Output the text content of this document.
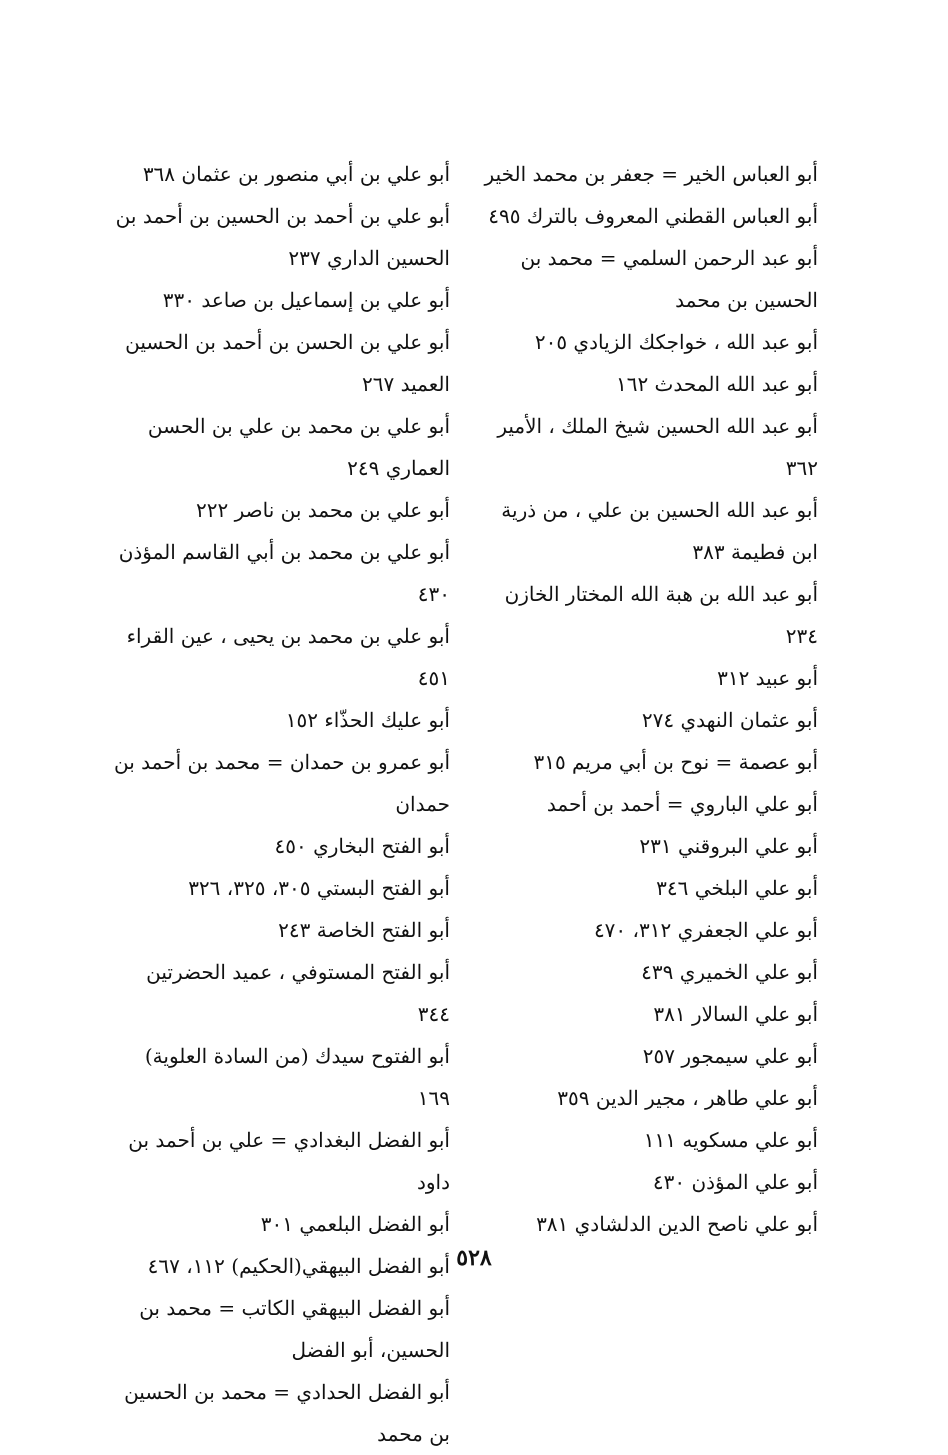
أبو العباس الخير = جعفر بن محمد الخير

أبو العباس القطني المعروف بالترك ٤٩٥

أبو عبد الرحمن السلمي = محمد بن الحسين بن محمد

أبو عبد الله ، خواجكك الزيادي ٢٠٥

أبو عبد الله المحدث ١٦٢

أبو عبد الله الحسين شيخ الملك ، الأمير ٣٦٢

أبو عبد الله الحسين بن علي ، من ذرية ابن فطيمة ٣٨٣

أبو عبد الله بن هبة الله المختار الخازن ٢٣٤

أبو عبيد ٣١٢

أبو عثمان النهدي ٢٧٤

أبو عصمة = نوح بن أبي مريم ٣١٥

أبو علي الباروي = أحمد بن أحمد

أبو علي البروقني ٢٣١

أبو علي البلخي ٣٤٦

أبو علي الجعفري ٣١٢، ٤٧٠

أبو علي الخميري ٤٣٩

أبو علي السالار ٣٨١

أبو علي سيمجور ٢٥٧

أبو علي طاهر ، مجير الدين ٣٥٩

أبو علي مسكويه ١١١

أبو علي المؤذن ٤٣٠

أبو علي ناصح الدين الدلشادي ٣٨١

أبو علي بن أبي منصور بن عثمان ٣٦٨

أبو علي بن أحمد بن الحسين بن أحمد بن الحسين الداري ٢٣٧

أبو علي بن إسماعيل بن صاعد ٣٣٠

أبو علي بن الحسن بن أحمد بن الحسين العميد ٢٦٧

أبو علي بن محمد بن علي بن الحسن العماري ٢٤٩

أبو علي بن محمد بن ناصر ٢٢٢

أبو علي بن محمد بن أبي القاسم المؤذن ٤٣٠

أبو علي بن محمد بن يحيى ، عين القراء ٤٥١

أبو عليك الحذّاء ١٥٢

أبو عمرو بن حمدان = محمد بن أحمد بن حمدان

أبو الفتح البخاري ٤٥٠

أبو الفتح البستي ٣٠٥، ٣٢٥، ٣٢٦

أبو الفتح الخاصة ٢٤٣

أبو الفتح المستوفي ، عميد الحضرتين ٣٤٤

أبو الفتوح سيدك (من السادة العلوية) ١٦٩

أبو الفضل البغدادي = علي بن أحمد بن داود

أبو الفضل البلعمي ٣٠١

أبو الفضل البيهقي(الحكيم) ١١٢، ٤٦٧

أبو الفضل البيهقي الكاتب = محمد بن الحسين، أبو الفضل

أبو الفضل الحدادي = محمد بن الحسين بن محمد

٥٢٨
